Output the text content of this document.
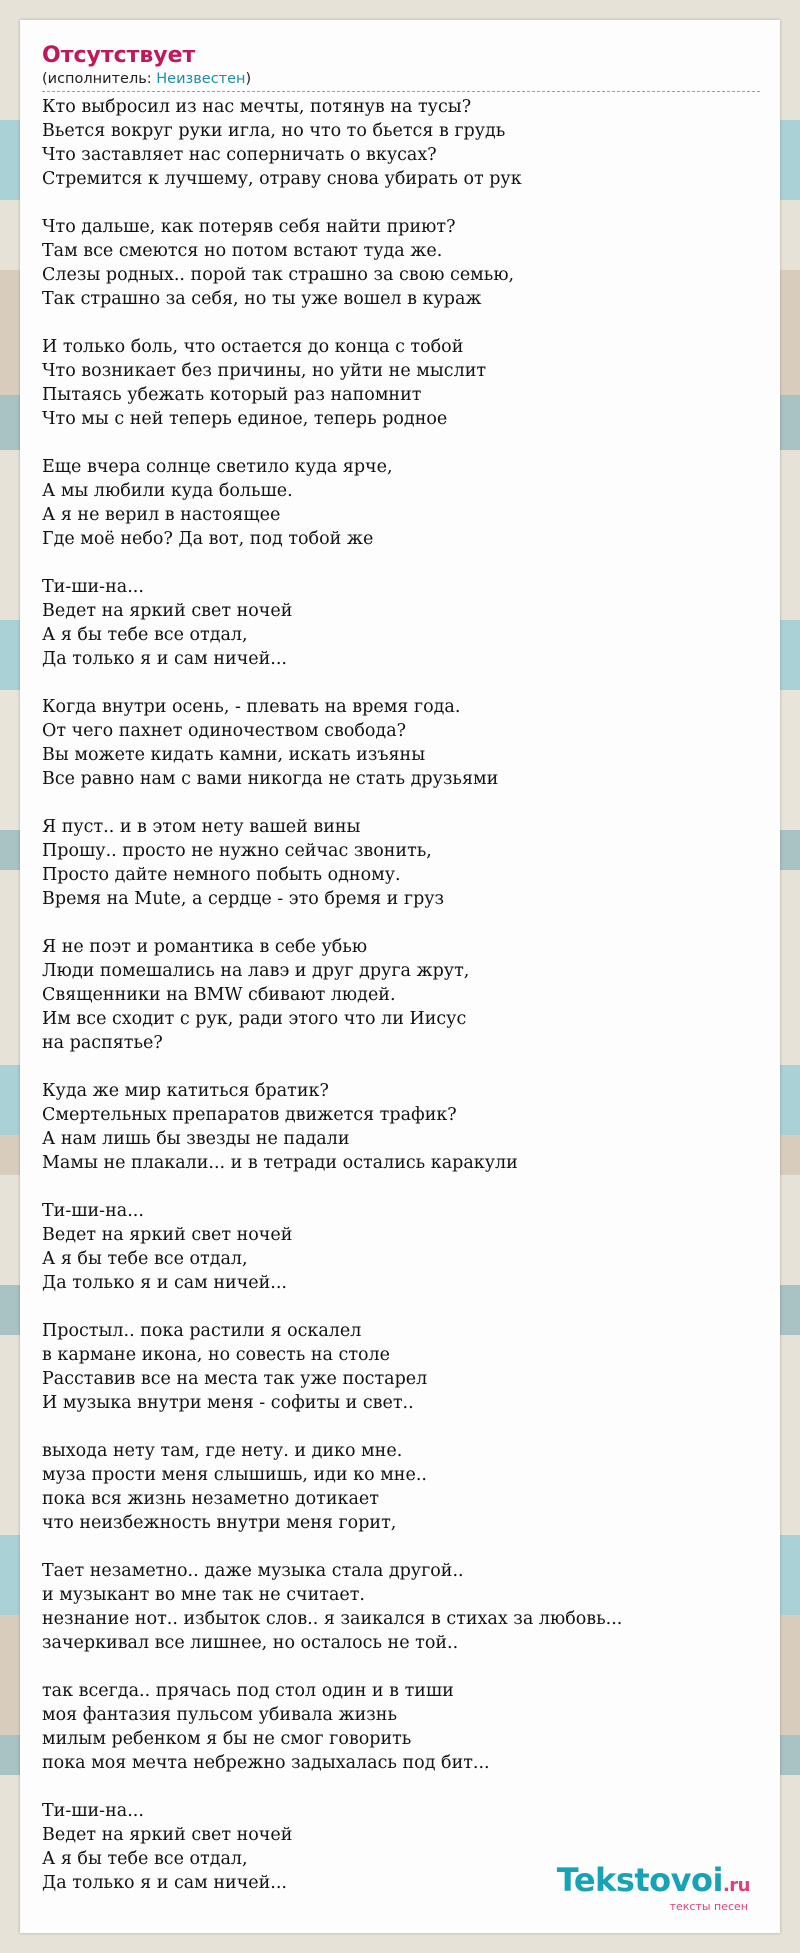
Отсутствует
(исполнитель: Неизвестен)
Кто выбросил из нас мечты, потянув на тусы?
Вьется вокруг руки игла, но что то бьется в грудь
Что заставляет нас соперничать о вкусах?
Стремится к лучшему, отраву снова убирать от рук
Что дальше, как потеряв себя найти приют?
Там все смеются но потом встают туда же.
Слезы родных.. порой так страшно за свою семью,
Так страшно за себя, но ты уже вошел в кураж
И только боль, что остается до конца с тобой
Что возникает без причины, но уйти не мыслит
Пытаясь убежать который раз напомнит
Что мы с ней теперь единое, теперь родное
Еще вчера солнце светило куда ярче,
А мы любили куда больше.
А я не верил в настоящее
Где моё небо? Да вот, под тобой же
Ти-ши-на...
Ведет на яркий свет ночей
А я бы тебе все отдал,
Да только я и сам ничей...
Когда внутри осень, - плевать на время года.
От чего пахнет одиночеством свобода?
Вы можете кидать камни, искать изъяны
Все равно нам с вами никогда не стать друзьями
Я пуст.. и в этом нету вашей вины
Прошу.. просто не нужно сейчас звонить,
Просто дайте немного побыть одному.
Время на Mute, а сердце - это бремя и груз
Я не поэт и романтика в себе убью
Люди помешались на лавэ и друг друга жрут,
Священники на BMW сбивают людей.
Им все сходит с рук, ради этого что ли Иисус
на распятье?
Куда же мир катиться братик?
Смертельных препаратов движется трафик?
А нам лишь бы звезды не падали
Мамы не плакали... и в тетради остались каракули
Ти-ши-на...
Ведет на яркий свет ночей
А я бы тебе все отдал,
Да только я и сам ничей...
Простыл.. пока растили я оскалел
в кармане икона, но совесть на столе
Расставив все на места так уже постарел
И музыка внутри меня - софиты и свет..
выхода нету там, где нету. и дико мне.
муза прости меня слышишь, иди ко мне..
пока вся жизнь незаметно дотикает
что неизбежность внутри меня горит,
Тает незаметно.. даже музыка стала другой..
и музыкант во мне так не считает.
незнание нот.. избыток слов.. я заикался в стихах за любовь...
зачеркивал все лишнее, но осталось не той..
так всегда.. прячась под стол один и в тиши
моя фантазия пульсом убивала жизнь
милым ребенком я бы не смог говорить
пока моя мечта небрежно задыхалась под бит...
Ти-ши-на...
Ведет на яркий свет ночей
А я бы тебе все отдал,
Да только я и сам ничей...	Tekstovoi.ru
тексты песен
